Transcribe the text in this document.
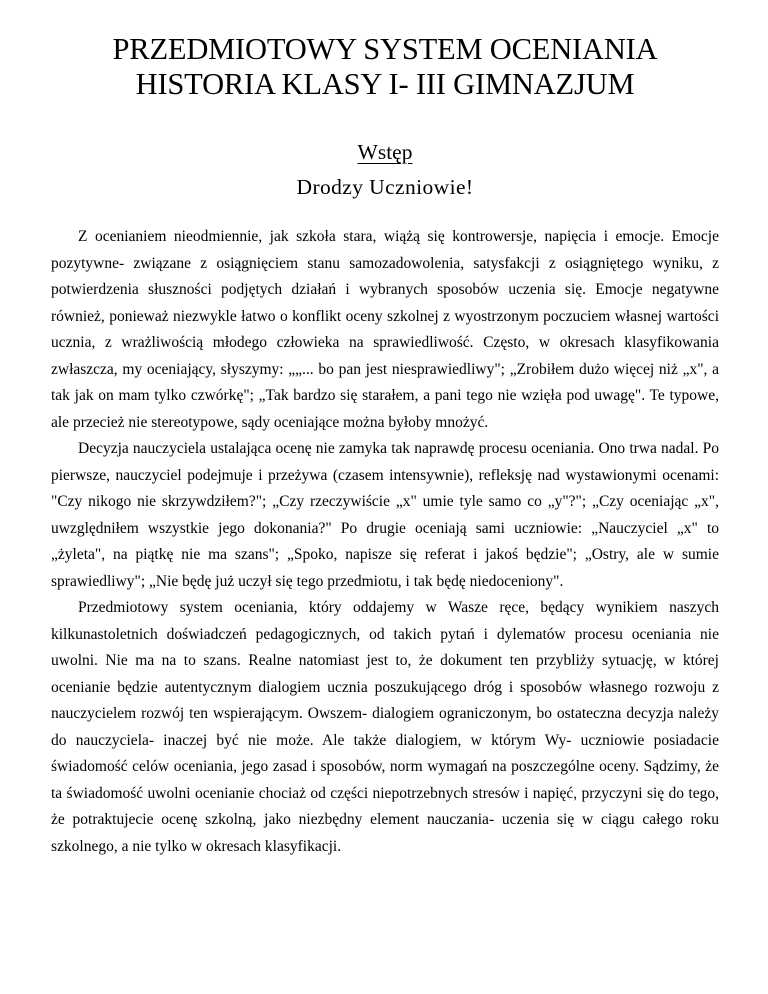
PRZEDMIOTOWY SYSTEM OCENIANIA
HISTORIA KLASY I- III GIMNAZJUM
Wstęp
Drodzy Uczniowie!

Z ocenianiem nieodmiennie, jak szkoła stara, wiążą się kontrowersje, napięcia i emocje. Emocje pozytywne- związane z osiągnięciem stanu samozadowolenia, satysfakcji z osiągniętego wyniku, z potwierdzenia słuszności podjętych działań i wybranych sposobów uczenia się. Emocje negatywne również, ponieważ niezwykle łatwo o konflikt oceny szkolnej z wyostrzonym poczuciem własnej wartości ucznia, z wrażliwością młodego człowieka na sprawiedliwość. Często, w okresach klasyfikowania zwłaszcza, my oceniający, słyszymy: „„... bo pan jest niesprawiedliwy"; „Zrobiłem dużo więcej niż „x", a tak jak on mam tylko czwórkę"; „Tak bardzo się starałem, a pani tego nie wzięła pod uwagę". Te typowe, ale przecież nie stereotypowe, sądy oceniające można byłoby mnożyć.

Decyzja nauczyciela ustalająca ocenę nie zamyka tak naprawdę procesu oceniania. Ono trwa nadal. Po pierwsze, nauczyciel podejmuje i przeżywa (czasem intensywnie), refleksję nad wystawionymi ocenami: "Czy nikogo nie skrzywdziłem?"; „Czy rzeczywiście „x" umie tyle samo co „y"?"; „Czy oceniając „x", uwzględniłem wszystkie jego dokonania?" Po drugie oceniają sami uczniowie: „Nauczyciel „x" to „żyleta", na piątkę nie ma szans"; „Spoko, napisze się referat i jakoś będzie"; „Ostry, ale w sumie sprawiedliwy"; „Nie będę już uczył się tego przedmiotu, i tak będę niedoceniony".

Przedmiotowy system oceniania, który oddajemy w Wasze ręce, będący wynikiem naszych kilkunastoletnich doświadczeń pedagogicznych, od takich pytań i dylematów procesu oceniania nie uwolni. Nie ma na to szans. Realne natomiast jest to, że dokument ten przybliży sytuację, w której ocenianie będzie autentycznym dialogiem ucznia poszukującego dróg i sposobów własnego rozwoju z nauczycielem rozwój ten wspierającym. Owszem- dialogiem ograniczonym, bo ostateczna decyzja należy do nauczyciela- inaczej być nie może. Ale także dialogiem, w którym Wy- uczniowie posiadacie świadomość celów oceniania, jego zasad i sposobów, norm wymagań na poszczególne oceny. Sądzimy, że ta świadomość uwolni ocenianie chociaż od części niepotrzebnych stresów i napięć, przyczyni się do tego, że potraktujecie ocenę szkolną, jako niezbędny element nauczania- uczenia się w ciągu całego roku szkolnego, a nie tylko w okresach klasyfikacji.
